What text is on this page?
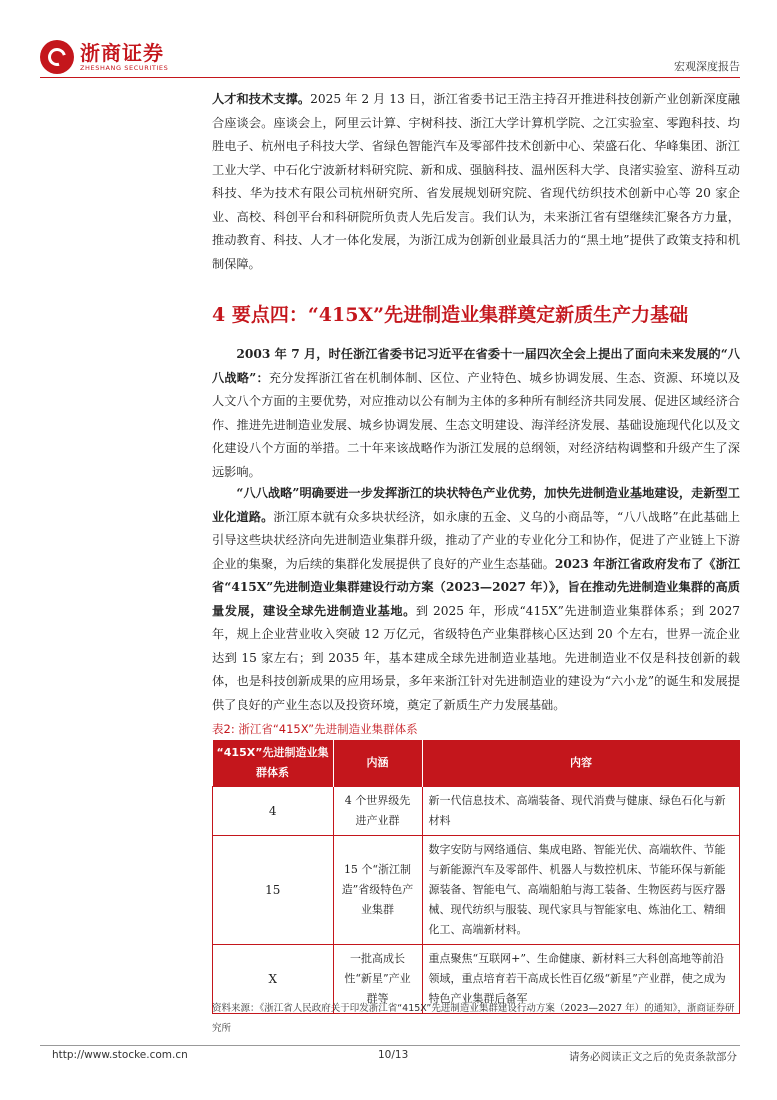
浙商证券
ZHESHANG SECURITIES	宏观深度报告

人才和技术支撑。2025 年 2 月 13 日，浙江省委书记王浩主持召开推进科技创新产业创新深度融合座谈会。座谈会上，阿里云计算、宇树科技、浙江大学计算机学院、之江实验室、零跑科技、均胜电子、杭州电子科技大学、省绿色智能汽车及零部件技术创新中心、荣盛石化、华峰集团、浙江工业大学、中石化宁波新材料研究院、新和成、强脑科技、温州医科大学、良渚实验室、游科互动科技、华为技术有限公司杭州研究所、省发展规划研究院、省现代纺织技术创新中心等 20 家企业、高校、科创平台和科研院所负责人先后发言。我们认为，未来浙江省有望继续汇聚各方力量，推动教育、科技、人才一体化发展，为浙江成为创新创业最具活力的“黑土地”提供了政策支持和机制保障。

4 要点四：“415X”先进制造业集群奠定新质生产力基础

2003 年 7 月，时任浙江省委书记习近平在省委十一届四次全会上提出了面向未来发展的“八八战略”：充分发挥浙江省在机制体制、区位、产业特色、城乡协调发展、生态、资源、环境以及人文八个方面的主要优势，对应推动以公有制为主体的多种所有制经济共同发展、促进区域经济合作、推进先进制造业发展、城乡协调发展、生态文明建设、海洋经济发展、基础设施现代化以及文化建设八个方面的举措。二十年来该战略作为浙江发展的总纲领，对经济结构调整和升级产生了深远影响。

“八八战略”明确要进一步发挥浙江的块状特色产业优势，加快先进制造业基地建设，走新型工业化道路。浙江原本就有众多块状经济，如永康的五金、义乌的小商品等，“八八战略”在此基础上引导这些块状经济向先进制造业集群升级，推动了产业的专业化分工和协作，促进了产业链上下游企业的集聚，为后续的集群化发展提供了良好的产业生态基础。2023 年浙江省政府发布了《浙江省“415X”先进制造业集群建设行动方案（2023—2027 年）》，旨在推动先进制造业集群的高质量发展，建设全球先进制造业基地。到 2025 年，形成“415X”先进制造业集群体系；到 2027 年，规上企业营业收入突破 12 万亿元，省级特色产业集群核心区达到 20 个左右，世界一流企业达到 15 家左右；到 2035 年，基本建成全球先进制造业基地。先进制造业不仅是科技创新的载体，也是科技创新成果的应用场景，多年来浙江针对先进制造业的建设为“六小龙”的诞生和发展提供了良好的产业生态以及投资环境，奠定了新质生产力发展基础。

表2: 浙江省“415X”先进制造业集群体系
“415X”先进制造业集群体系	内涵	内容
4	4 个世界级先进产业群	新一代信息技术、高端装备、现代消费与健康、绿色石化与新材料
15	15 个“浙江制造”省级特色产业集群	数字安防与网络通信、集成电路、智能光伏、高端软件、节能与新能源汽车及零部件、机器人与数控机床、节能环保与新能源装备、智能电气、高端船舶与海工装备、生物医药与医疗器械、现代纺织与服装、现代家具与智能家电、炼油化工、精细化工、高端新材料。
X	一批高成长性“新星”产业群等	重点聚焦“互联网+”、生命健康、新材料三大科创高地等前沿领域，重点培育若干高成长性百亿级“新星”产业群，使之成为特色产业集群后备军
资料来源：《浙江省人民政府关于印发浙江省“415X”先进制造业集群建设行动方案（2023—2027 年）的通知》，浙商证券研究所
http://www.stocke.com.cn	10/13	请务必阅读正文之后的免责条款部分
